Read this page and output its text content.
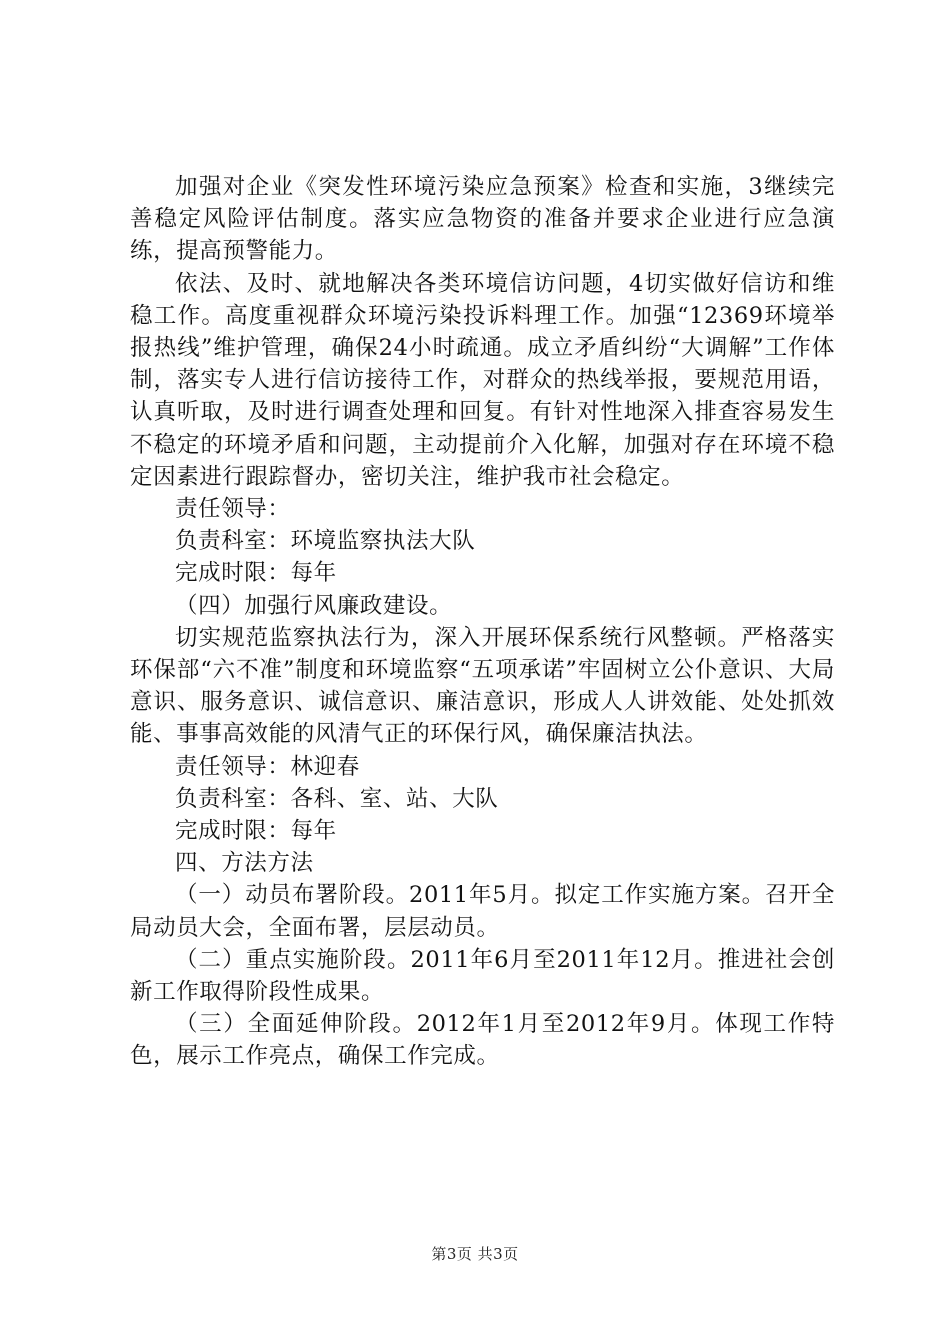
加强对企业《突发性环境污染应急预案》检查和实施，3继续完善稳定风险评估制度。落实应急物资的准备并要求企业进行应急演练，提高预警能力。

依法、及时、就地解决各类环境信访问题，4切实做好信访和维稳工作。高度重视群众环境污染投诉料理工作。加强“12369环境举报热线”维护管理，确保24小时疏通。成立矛盾纠纷“大调解”工作体制，落实专人进行信访接待工作，对群众的热线举报，要规范用语，认真听取，及时进行调查处理和回复。有针对性地深入排查容易发生不稳定的环境矛盾和问题，主动提前介入化解，加强对存在环境不稳定因素进行跟踪督办，密切关注，维护我市社会稳定。

责任领导：

负责科室：环境监察执法大队

完成时限：每年

（四）加强行风廉政建设。

切实规范监察执法行为，深入开展环保系统行风整顿。严格落实环保部“六不准”制度和环境监察“五项承诺”牢固树立公仆意识、大局意识、服务意识、诚信意识、廉洁意识，形成人人讲效能、处处抓效能、事事高效能的风清气正的环保行风，确保廉洁执法。

责任领导：林迎春

负责科室：各科、室、站、大队

完成时限：每年

四、方法方法

（一）动员布署阶段。2011年5月。拟定工作实施方案。召开全局动员大会，全面布署，层层动员。

（二）重点实施阶段。2011年6月至2011年12月。推进社会创新工作取得阶段性成果。

（三）全面延伸阶段。2012年1月至2012年9月。体现工作特色，展示工作亮点，确保工作完成。

第3页 共3页
